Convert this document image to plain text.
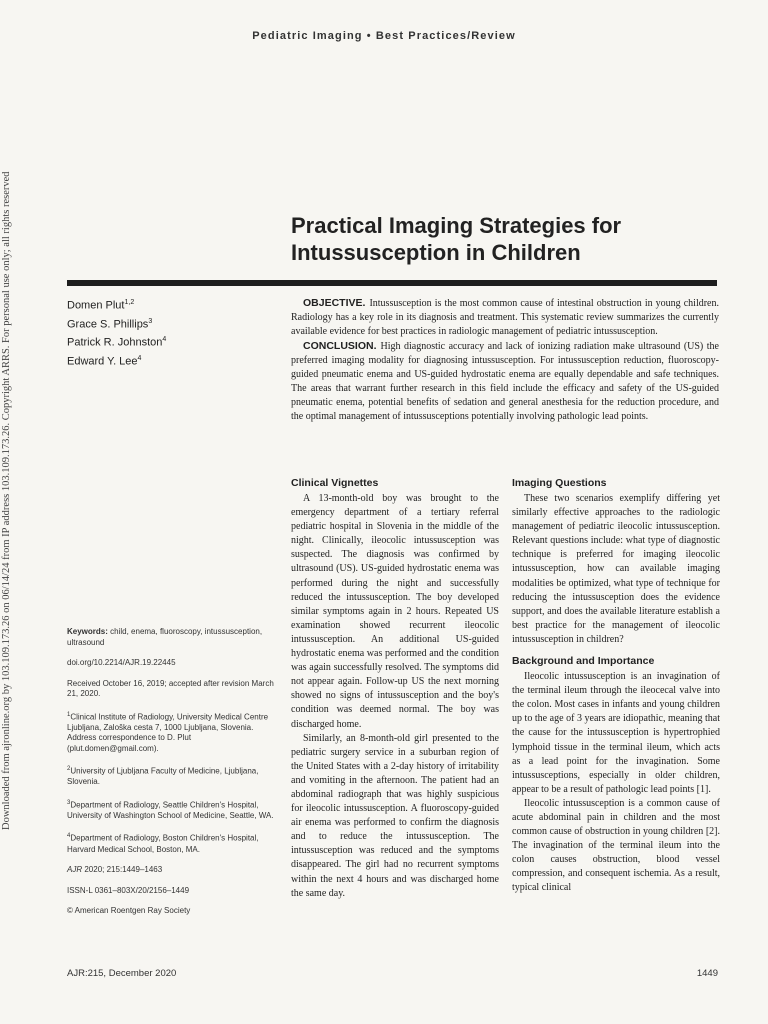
Pediatric Imaging • Best Practices/Review
Downloaded from ajronline.org by 103.109.173.26 on 06/14/24 from IP address 103.109.173.26. Copyright ARRS. For personal use only; all rights reserved	Practical Imaging Strategies for
Intussusception in Children
Domen Plut$^{1,2}$
Grace S. Phillips$^3$
Patrick R. Johnston$^4$
Edward Y. Lee$^4$

OBJECTIVE. Intussusception is the most common cause of intestinal obstruction in young children. Radiology has a key role in its diagnosis and treatment. This systematic review summarizes the currently available evidence for best practices in radiologic management of pediatric intussusception.

CONCLUSION. High diagnostic accuracy and lack of ionizing radiation make ultrasound (US) the preferred imaging modality for diagnosing intussusception. For intussusception reduction, fluoroscopy-guided pneumatic enema and US-guided hydrostatic enema are equally dependable and safe techniques. The areas that warrant further research in this field include the efficacy and safety of the US-guided pneumatic enema, potential benefits of sedation and general anesthesia for the reduction procedure, and the optimal management of intussusceptions potentially involving pathologic lead points.

Keywords: child, enema, fluoroscopy, intussusception, ultrasound

doi.org/10.2214/AJR.19.22445

Received October 16, 2019; accepted after revision March 21, 2020.

$^1$Clinical Institute of Radiology, University Medical Centre Ljubljana, Zaloška cesta 7, 1000 Ljubljana, Slovenia. Address correspondence to D. Plut (plut.domen@gmail.com).

$^2$University of Ljubljana Faculty of Medicine, Ljubljana, Slovenia.

$^3$Department of Radiology, Seattle Children's Hospital, University of Washington School of Medicine, Seattle, WA.

$^4$Department of Radiology, Boston Children's Hospital, Harvard Medical School, Boston, MA.

AJR 2020; 215:1449–1463

ISSN-L 0361–803X/20/2156–1449

© American Roentgen Ray Society

Clinical Vignettes

A 13-month-old boy was brought to the emergency department of a tertiary referral pediatric hospital in Slovenia in the middle of the night. Clinically, ileocolic intussusception was suspected. The diagnosis was confirmed by ultrasound (US). US-guided hydrostatic enema was performed during the night and successfully reduced the intussusception. The boy developed similar symptoms again in 2 hours. Repeated US examination showed recurrent ileocolic intussusception. An additional US-guided hydrostatic enema was performed and the condition was again successfully resolved. The symptoms did not appear again. Follow-up US the next morning showed no signs of intussusception and the boy's condition was deemed normal. The boy was discharged home.

Similarly, an 8-month-old girl presented to the pediatric surgery service in a suburban region of the United States with a 2-day history of irritability and vomiting in the afternoon. The patient had an abdominal radiograph that was highly suspicious for ileocolic intussusception. A fluoroscopy-guided air enema was performed to confirm the diagnosis and to reduce the intussusception. The intussusception was reduced and the symptoms disappeared. The girl had no recurrent symptoms within the next 4 hours and was discharged home the same day.

Imaging Questions

These two scenarios exemplify differing yet similarly effective approaches to the radiologic management of pediatric ileocolic intussusception. Relevant questions include: what type of diagnostic technique is preferred for imaging ileocolic intussusception, how can available imaging modalities be optimized, what type of technique for reducing the intussusception does the evidence support, and does the available literature establish a best practice for the management of ileocolic intussusception in children?

Background and Importance

Ileocolic intussusception is an invagination of the terminal ileum through the ileocecal valve into the colon. Most cases in infants and young children up to the age of 3 years are idiopathic, meaning that the cause for the intussusception is hypertrophied lymphoid tissue in the terminal ileum, which acts as a lead point for the invagination. Some intussusceptions, especially in older children, appear to be a result of pathologic lead points [1].

Ileocolic intussusception is a common cause of acute abdominal pain in children and the most common cause of obstruction in young children [2]. The invagination of the terminal ileum into the colon causes obstruction, blood vessel compression, and consequent ischemia. As a result, typical clinical

AJR:215, December 2020	1449
